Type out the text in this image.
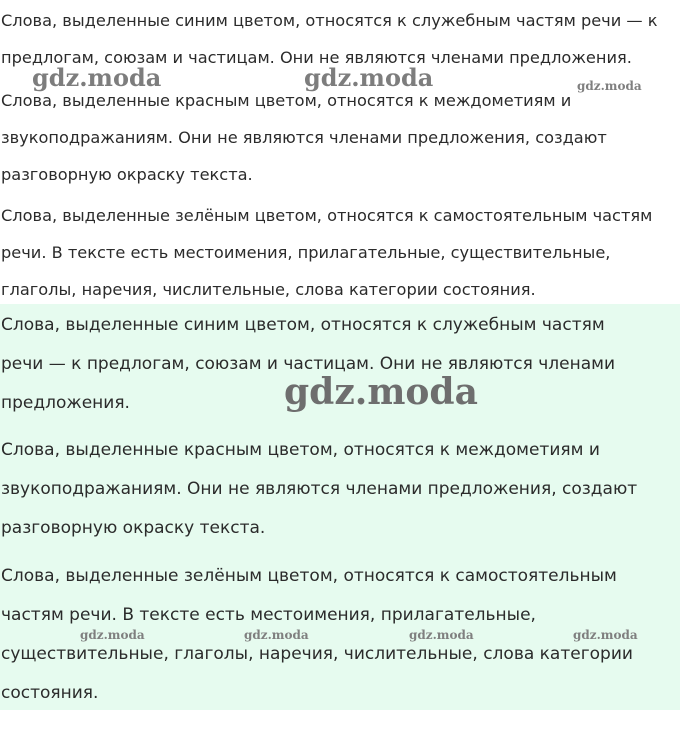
Слова, выделенные синим цветом, относятся к служебным частям речи — к предлогам, союзам и частицам. Они не являются членами предложения.

Слова, выделенные красным цветом, относятся к междометиям и звукоподражаниям. Они не являются членами предложения, создают разговорную окраску текста.

Слова, выделенные зелёным цветом, относятся к самостоятельным частям речи. В тексте есть местоимения, прилагательные, существительные, глаголы, наречия, числительные, слова категории состояния.

Слова, выделенные синим цветом, относятся к служебным частям речи — к предлогам, союзам и частицам. Они не являются членами предложения.

Слова, выделенные красным цветом, относятся к междометиям и звукоподражаниям. Они не являются членами предложения, создают разговорную окраску текста.

Слова, выделенные зелёным цветом, относятся к самостоятельным частям речи. В тексте есть местоимения, прилагательные, существительные, глаголы, наречия, числительные, слова категории состояния.

gdz.moda	gdz.moda	gdz.moda
gdz.moda
gdz.moda	gdz.moda	gdz.moda	gdz.moda
